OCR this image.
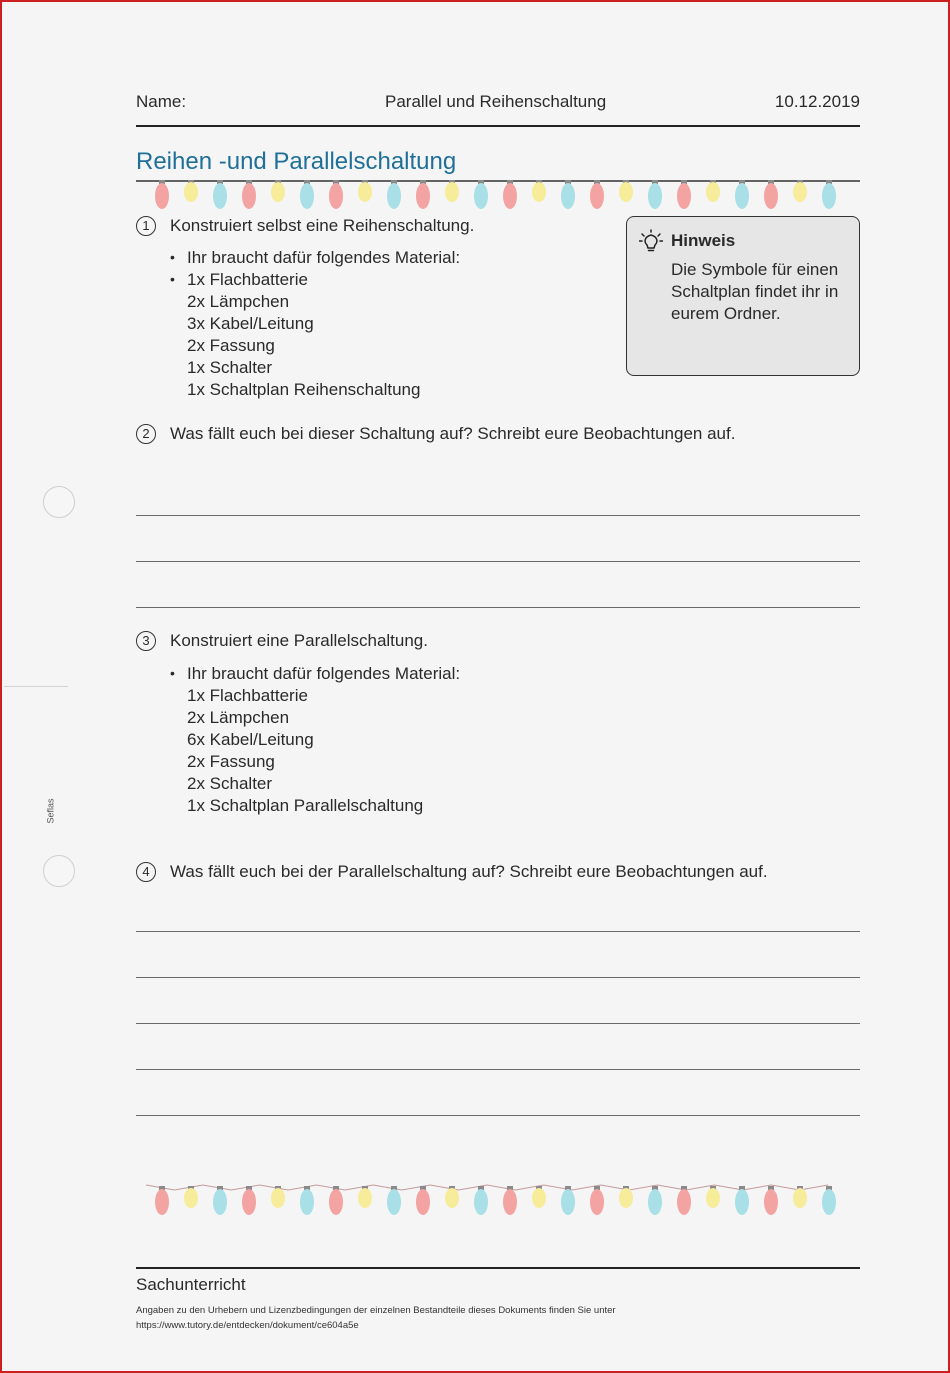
Name:	Parallel und Reihenschaltung	10.12.2019
Reihen -und Parallelschaltung
1	Konstruiert selbst eine Reihenschaltung.
•
•
Ihr braucht dafür folgendes Material:
1x Flachbatterie
2x Lämpchen
3x Kabel/Leitung
2x Fassung
1x Schalter
1x Schaltplan Reihenschaltung
Hinweis
Die Symbole für einen
Schaltplan findet ihr in
eurem Ordner.
2	Was fällt euch bei dieser Schaltung auf? Schreibt eure Beobachtungen auf.
3	Konstruiert eine Parallelschaltung.
• Ihr braucht dafür folgendes Material:
1x Flachbatterie
2x Lämpchen
6x Kabel/Leitung
2x Fassung
2x Schalter
1x Schaltplan Parallelschaltung
4	Was fällt euch bei der Parallelschaltung auf? Schreibt eure Beobachtungen auf.
Seflas
Sachunterricht
Angaben zu den Urhebern und Lizenzbedingungen der einzelnen Bestandteile dieses Dokuments finden Sie unter
https://www.tutory.de/entdecken/dokument/ce604a5e
